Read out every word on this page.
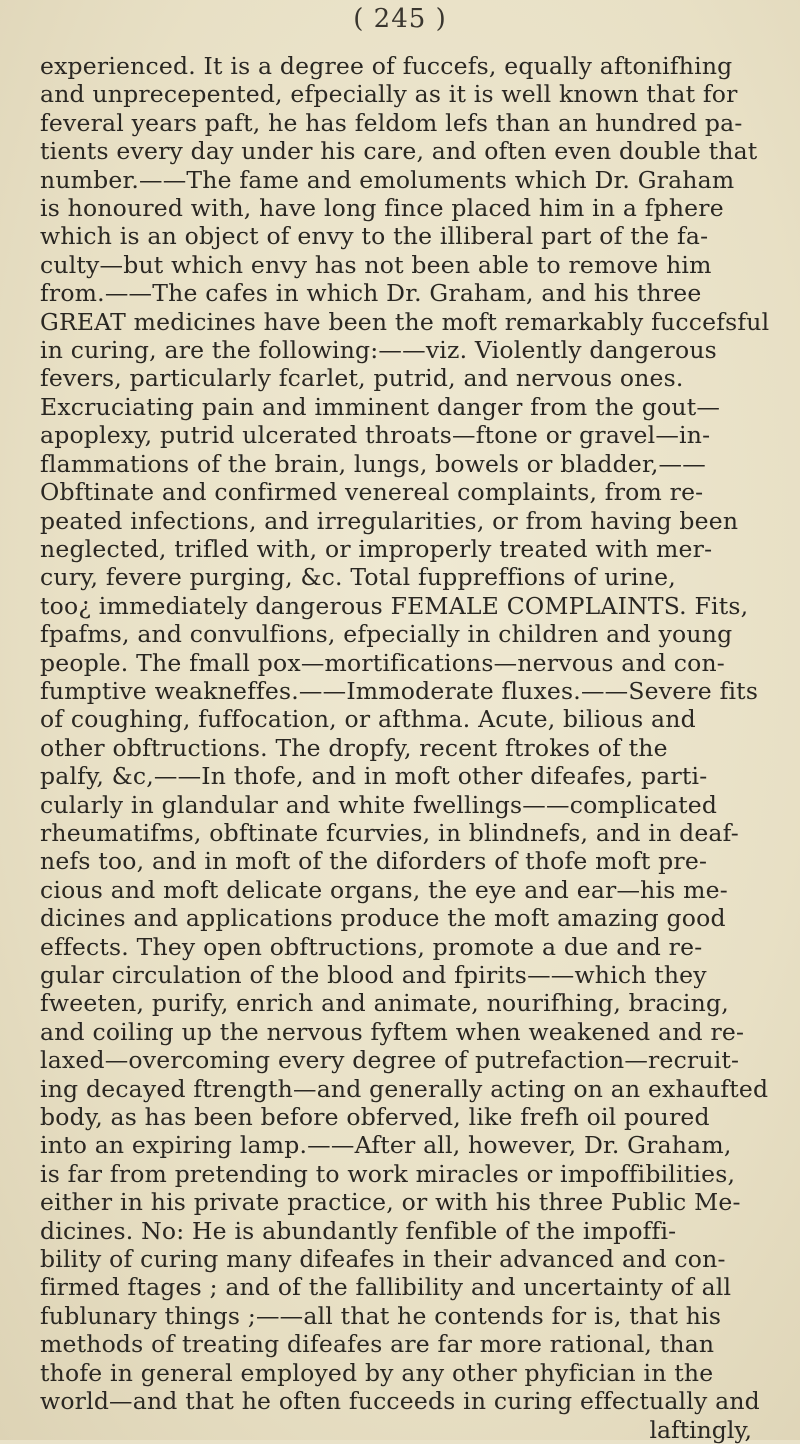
( 245 )
experienced. It is a degree of fuccefs, equally aftonifhing
and unprecepented, efpecially as it is well known that for
feveral years paft, he has feldom lefs than an hundred pa-
tients every day under his care, and often even double that
number.——The fame and emoluments which Dr. Graham
is honoured with, have long fince placed him in a fphere
which is an object of envy to the illiberal part of the fa-
culty—but which envy has not been able to remove him
from.——The cafes in which Dr. Graham, and his three
GREAT medicines have been the moft remarkably fuccefsful
in curing, are the following:——viz. Violently dangerous
fevers, particularly fcarlet, putrid, and nervous ones.
Excruciating pain and imminent danger from the gout—
apoplexy, putrid ulcerated throats—ftone or gravel—in-
flammations of the brain, lungs, bowels or bladder,——
Obftinate and confirmed venereal complaints, from re-
peated infections, and irregularities, or from having been
neglected, trifled with, or improperly treated with mer-
cury, fevere purging, &c. Total fuppreffions of urine,
too¿ immediately dangerous FEMALE COMPLAINTS. Fits,
fpafms, and convulfions, efpecially in children and young
people. The fmall pox—mortifications—nervous and con-
fumptive weakneffes.——Immoderate fluxes.——Severe fits
of coughing, fuffocation, or afthma. Acute, bilious and
other obftructions. The dropfy, recent ftrokes of the
palfy, &c,——In thofe, and in moft other difeafes, parti-
cularly in glandular and white fwellings——complicated
rheumatifms, obftinate fcurvies, in blindnefs, and in deaf-
nefs too, and in moft of the diforders of thofe moft pre-
cious and moft delicate organs, the eye and ear—his me-
dicines and applications produce the moft amazing good
effects. They open obftructions, promote a due and re-
gular circulation of the blood and fpirits——which they
fweeten, purify, enrich and animate, nourifhing, bracing,
and coiling up the nervous fyftem when weakened and re-
laxed—overcoming every degree of putrefaction—recruit-
ing decayed ftrength—and generally acting on an exhaufted
body, as has been before obferved, like frefh oil poured
into an expiring lamp.——After all, however, Dr. Graham,
is far from pretending to work miracles or impoffibilities,
either in his private practice, or with his three Public Me-
dicines. No: He is abundantly fenfible of the impoffi-
bility of curing many difeafes in their advanced and con-
firmed ftages ; and of the fallibility and uncertainty of all
fublunary things ;——all that he contends for is, that his
methods of treating difeafes are far more rational, than
thofe in general employed by any other phyfician in the
world—and that he often fucceeds in curing effectually and
laftingly,
